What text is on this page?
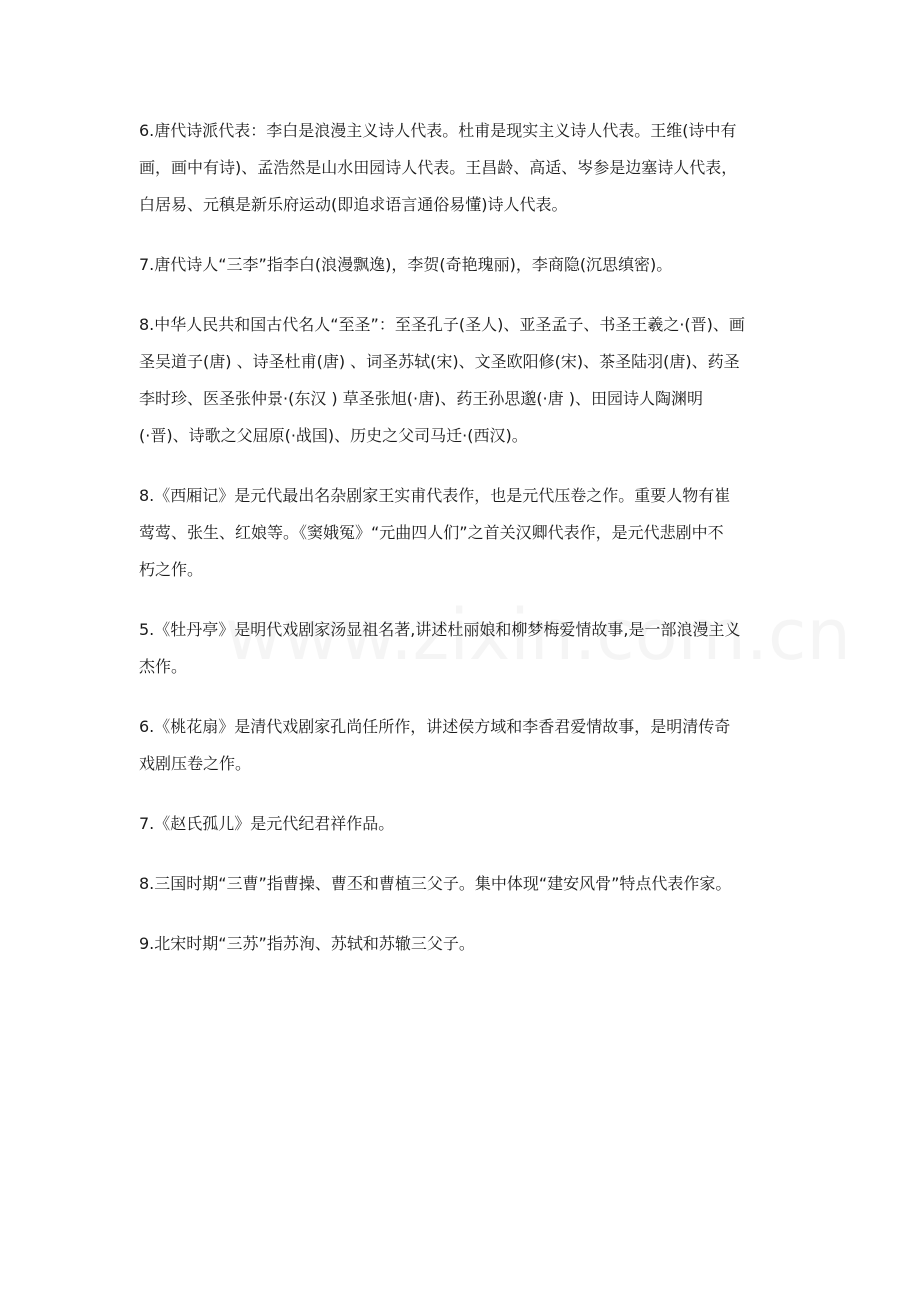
6.唐代诗派代表：李白是浪漫主义诗人代表。杜甫是现实主义诗人代表。王维(诗中有
画，画中有诗)、孟浩然是山水田园诗人代表。王昌龄、高适、岑参是边塞诗人代表，
白居易、元稹是新乐府运动(即追求语言通俗易懂)诗人代表。

7.唐代诗人“三李”指李白(浪漫飘逸)，李贺(奇艳瑰丽)，李商隐(沉思缜密)。

8.中华人民共和国古代名人“至圣”：至圣孔子(圣人)、亚圣孟子、书圣王羲之·(晋)、画
圣吴道子(唐) 、诗圣杜甫(唐) 、词圣苏轼(宋)、文圣欧阳修(宋)、茶圣陆羽(唐)、药圣
李时珍、医圣张仲景·(东汉 ) 草圣张旭(·唐)、药王孙思邈(·唐 )、田园诗人陶渊明
(·晋)、诗歌之父屈原(·战国)、历史之父司马迁·(西汉)。

8.《西厢记》是元代最出名杂剧家王实甫代表作，也是元代压卷之作。重要人物有崔
莺莺、张生、红娘等。《窦娥冤》“元曲四人们”之首关汉卿代表作，是元代悲剧中不
朽之作。

5.《牡丹亭》是明代戏剧家汤显祖名著,讲述杜丽娘和柳梦梅爱情故事,是一部浪漫主义
杰作。

6.《桃花扇》是清代戏剧家孔尚任所作，讲述侯方域和李香君爱情故事，是明清传奇
戏剧压卷之作。

7.《赵氏孤儿》是元代纪君祥作品。

8.三国时期“三曹”指曹操、曹丕和曹植三父子。集中体现“建安风骨”特点代表作家。

9.北宋时期“三苏”指苏洵、苏轼和苏辙三父子。
